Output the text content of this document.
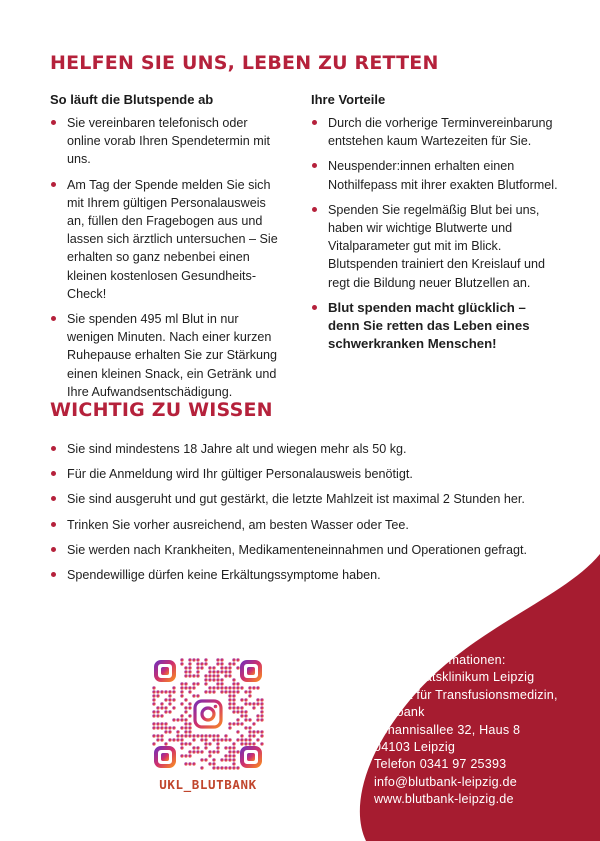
HELFEN SIE UNS, LEBEN ZU RETTEN
So läuft die Blutspende ab
Sie vereinbaren telefonisch oder online vorab Ihren Spendetermin mit uns.
Am Tag der Spende melden Sie sich mit Ihrem gültigen Personalausweis an, füllen den Fragebogen aus und lassen sich ärztlich untersuchen – Sie erhalten so ganz nebenbei einen kleinen kostenlosen Gesundheits-Check!
Sie spenden 495 ml Blut in nur wenigen Minuten. Nach einer kurzen Ruhepause erhalten Sie zur Stärkung einen kleinen Snack, ein Getränk und Ihre Aufwandsentschädigung.
Ihre Vorteile
Durch die vorherige Terminvereinbarung entstehen kaum Wartezeiten für Sie.
Neuspender:innen erhalten einen Nothilfepass mit ihrer exakten Blutformel.
Spenden Sie regelmäßig Blut bei uns, haben wir wichtige Blutwerte und Vitalparameter gut mit im Blick. Blutspenden trainiert den Kreislauf und regt die Bildung neuer Blutzellen an.
Blut spenden macht glücklich – denn Sie retten das Leben eines schwerkranken Menschen!
WICHTIG ZU WISSEN
Sie sind mindestens 18 Jahre alt und wiegen mehr als 50 kg.
Für die Anmeldung wird Ihr gültiger Personalausweis benötigt.
Sie sind ausgeruht und gut gestärkt, die letzte Mahlzeit ist maximal 2 Stunden her.
Trinken Sie vorher ausreichend, am besten Wasser oder Tee.
Sie werden nach Krankheiten, Medikamenteneinnahmen und Operationen gefragt.
Spendewillige dürfen keine Erkältungssymptome haben.
UKL_BLUTBANK
Weitere Informationen:
Universitätsklinikum Leipzig
Institut für Transfusionsmedizin,
Blutbank
Johannisallee 32, Haus 8
04103 Leipzig
Telefon 0341 97 25393
info@blutbank-leipzig.de
www.blutbank-leipzig.de
